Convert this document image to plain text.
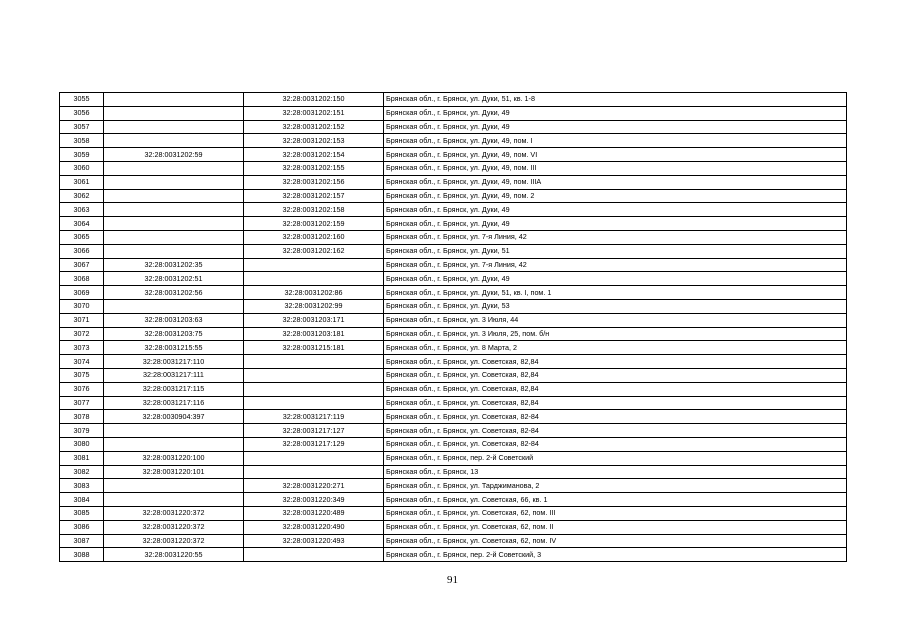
3055		32:28:0031202:150	Брянская обл., г. Брянск, ул. Дуки, 51, кв. 1-8
3056		32:28:0031202:151	Брянская обл., г. Брянск, ул. Дуки, 49
3057		32:28:0031202:152	Брянская обл., г. Брянск, ул. Дуки, 49
3058		32:28:0031202:153	Брянская обл., г. Брянск, ул. Дуки, 49, пом. I
3059	32:28:0031202:59	32:28:0031202:154	Брянская обл., г. Брянск, ул. Дуки, 49, пом. VI
3060		32:28:0031202:155	Брянская обл., г. Брянск, ул. Дуки, 49, пом. III
3061		32:28:0031202:156	Брянская обл., г. Брянск, ул. Дуки, 49, пом. IIIA
3062		32:28:0031202:157	Брянская обл., г. Брянск, ул. Дуки, 49, пом. 2
3063		32:28:0031202:158	Брянская обл., г. Брянск, ул. Дуки, 49
3064		32:28:0031202:159	Брянская обл., г. Брянск, ул. Дуки, 49
3065		32:28:0031202:160	Брянская обл., г. Брянск, ул. 7-я Линия, 42
3066		32:28:0031202:162	Брянская обл., г. Брянск, ул. Дуки, 51
3067	32:28:0031202:35		Брянская обл., г. Брянск, ул. 7-я Линия, 42
3068	32:28:0031202:51		Брянская обл., г. Брянск, ул. Дуки, 49
3069	32:28:0031202:56	32:28:0031202:86	Брянская обл., г. Брянск, ул. Дуки, 51, кв. I, пом. 1
3070		32:28:0031202:99	Брянская обл., г. Брянск, ул. Дуки, 53
3071	32:28:0031203:63	32:28:0031203:171	Брянская обл., г. Брянск, ул. 3 Июля, 44
3072	32:28:0031203:75	32:28:0031203:181	Брянская обл., г. Брянск, ул. 3 Июля, 25, пом. б/н
3073	32:28:0031215:55	32:28:0031215:181	Брянская обл., г. Брянск, ул. 8 Марта, 2
3074	32:28:0031217:110		Брянская обл., г. Брянск, ул. Советская, 82,84
3075	32:28:0031217:111		Брянская обл., г. Брянск, ул. Советская, 82,84
3076	32:28:0031217:115		Брянская обл., г. Брянск, ул. Советская, 82,84
3077	32:28:0031217:116		Брянская обл., г. Брянск, ул. Советская, 82,84
3078	32:28:0030904:397	32:28:0031217:119	Брянская обл., г. Брянск, ул. Советская, 82-84
3079		32:28:0031217:127	Брянская обл., г. Брянск, ул. Советская, 82-84
3080		32:28:0031217:129	Брянская обл., г. Брянск, ул. Советская, 82-84
3081	32:28:0031220:100		Брянская обл., г. Брянск, пер. 2-й Советский
3082	32:28:0031220:101		Брянская обл., г. Брянск, 13
3083		32:28:0031220:271	Брянская обл., г. Брянск, ул. Тарджиманова, 2
3084		32:28:0031220:349	Брянская обл., г. Брянск, ул. Советская, 66, кв. 1
3085	32:28:0031220:372	32:28:0031220:489	Брянская обл., г. Брянск, ул. Советская, 62, пом. III
3086	32:28:0031220:372	32:28:0031220:490	Брянская обл., г. Брянск, ул. Советская, 62, пом. II
3087	32:28:0031220:372	32:28:0031220:493	Брянская обл., г. Брянск, ул. Советская, 62, пом. IV
3088	32:28:0031220:55		Брянская обл., г. Брянск, пер. 2-й Советский, 3
91
